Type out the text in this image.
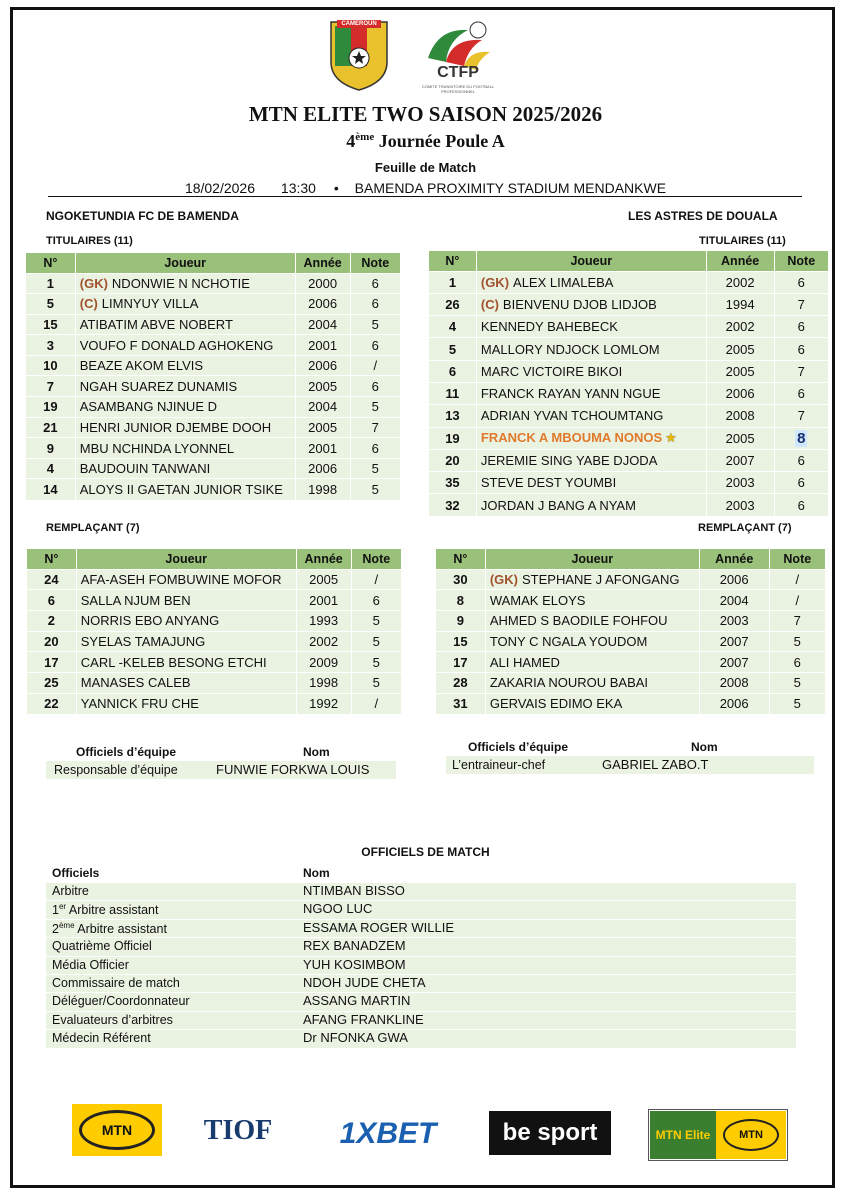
CAMEROUN
CTFP
COMITE TRANSITOIRE DU FOOTBALL PROFESSIONNEL
MTN ELITE TWO SAISON 2025/2026
4ème Journée Poule A
Feuille de Match
18/02/2026 13:30 • BAMENDA PROXIMITY STADIUM MENDANKWE
NGOKETUNDIA FC DE BAMENDA	LES ASTRES DE DOUALA
TITULAIRES (11)	TITULAIRES (11)
N°	Joueur	Année	Note
1	(GK) NDONWIE N NCHOTIE	2000	6
5	(C) LIMNYUY VILLA	2006	6
15	ATIBATIM ABVE NOBERT	2004	5
3	VOUFO F DONALD AGHOKENG	2001	6
10	BEAZE AKOM ELVIS	2006	/
7	NGAH SUAREZ DUNAMIS	2005	6
19	ASAMBANG NJINUE D	2004	5
21	HENRI JUNIOR DJEMBE DOOH	2005	7
9	MBU NCHINDA LYONNEL	2001	6
4	BAUDOUIN TANWANI	2006	5
14	ALOYS II GAETAN JUNIOR TSIKE	1998	5
N°	Joueur	Année	Note
1	(GK) ALEX LIMALEBA	2002	6
26	(C) BIENVENU DJOB LIDJOB	1994	7
4	KENNEDY BAHEBECK	2002	6
5	MALLORY NDJOCK LOMLOM	2005	6
6	MARC VICTOIRE BIKOI	2005	7
11	FRANCK RAYAN YANN NGUE	2006	6
13	ADRIAN YVAN TCHOUMTANG	2008	7
19	FRANCK A MBOUMA NONOS ★	2005	8
20	JEREMIE SING YABE DJODA	2007	6
35	STEVE DEST YOUMBI	2003	6
32	JORDAN J BANG A NYAM	2003	6
REMPLAÇANT (7)	REMPLAÇANT (7)
N°	Joueur	Année	Note
24	AFA-ASEH FOMBUWINE MOFOR	2005	/
6	SALLA NJUM BEN	2001	6
2	NORRIS EBO ANYANG	1993	5
20	SYELAS TAMAJUNG	2002	5
17	CARL -KELEB BESONG ETCHI	2009	5
25	MANASES CALEB	1998	5
22	YANNICK FRU CHE	1992	/
N°	Joueur	Année	Note
30	(GK) STEPHANE J AFONGANG	2006	/
8	WAMAK ELOYS	2004	/
9	AHMED S BAODILE FOHFOU	2003	7
15	TONY C NGALA YOUDOM	2007	5
17	ALI HAMED	2007	6
28	ZAKARIA NOUROU BABAI	2008	5
31	GERVAIS EDIMO EKA	2006	5
Officiels d’équipe	Nom
Responsable d’équipe	FUNWIE FORKWA LOUIS
Officiels d’équipe	Nom
L’entraineur-chef	GABRIEL ZABO.T
OFFICIELS DE MATCH
Officiels	Nom
Arbitre	NTIMBAN BISSO
1er Arbitre assistant	NGOO LUC
2ème Arbitre assistant	ESSAMA ROGER WILLIE
Quatrième Officiel	REX BANADZEM
Média Officier	YUH KOSIMBOM
Commissaire de match	NDOH JUDE CHETA
Déléguer/Coordonnateur	ASSANG MARTIN
Evaluateurs d’arbitres	AFANG FRANKLINE
Médecin Référent	Dr NFONKA GWA
MTN	TIOF	1XBET	be sport	MTN Elite	MTN
